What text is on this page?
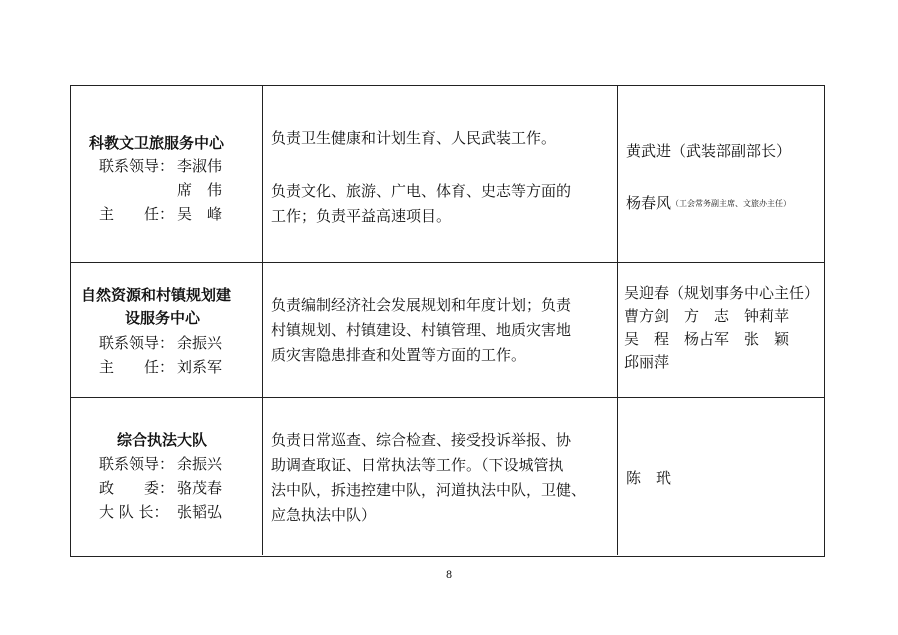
科教文卫旅服务中心
联系领导： 李淑伟
席　伟
主　　任： 吴　峰
负责卫生健康和计划生育、人民武装工作。
负责文化、旅游、广电、体育、史志等方面的
工作；负责平益高速项目。
黄武进（武装部副部长）
杨春风（工会常务副主席、文旅办主任）
自然资源和村镇规划建
设服务中心
联系领导： 余振兴
主　　任： 刘系军
负责编制经济社会发展规划和年度计划；负责
村镇规划、村镇建设、村镇管理、地质灾害地
质灾害隐患排查和处置等方面的工作。
吴迎春（规划事务中心主任）
曹方剑　方　志　钟莉苹
吴　程　杨占军　张　颖
邱丽萍
综合执法大队
联系领导： 余振兴
政　　委： 骆茂春
大 队 长： 张韬弘
负责日常巡查、综合检查、接受投诉举报、协
助调查取证、日常执法等工作。（下设城管执
法中队，拆违控建中队，河道执法中队，卫健、
应急执法中队）
陈　玳
8
